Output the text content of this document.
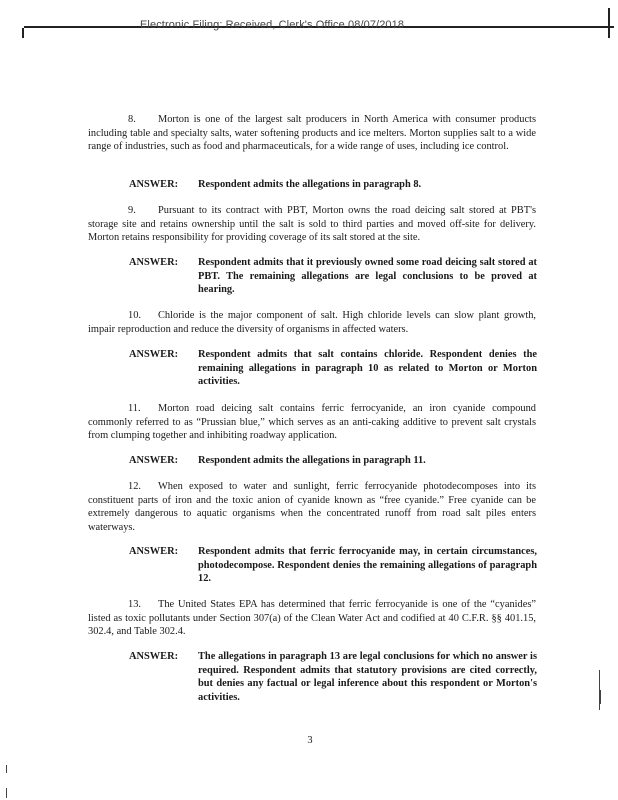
Electronic Filing: Received, Clerk's Office 08/07/2018
8. Morton is one of the largest salt producers in North America with consumer products including table and specialty salts, water softening products and ice melters. Morton supplies salt to a wide range of industries, such as food and pharmaceuticals, for a wide range of uses, including ice control.
ANSWER:	Respondent admits the allegations in paragraph 8.
9. Pursuant to its contract with PBT, Morton owns the road deicing salt stored at PBT's storage site and retains ownership until the salt is sold to third parties and moved off-site for delivery. Morton retains responsibility for providing coverage of its salt stored at the site.
ANSWER:	Respondent admits that it previously owned some road deicing salt stored at PBT. The remaining allegations are legal conclusions to be proved at hearing.
10. Chloride is the major component of salt. High chloride levels can slow plant growth, impair reproduction and reduce the diversity of organisms in affected waters.
ANSWER:	Respondent admits that salt contains chloride. Respondent denies the remaining allegations in paragraph 10 as related to Morton or Morton activities.
11. Morton road deicing salt contains ferric ferrocyanide, an iron cyanide compound commonly referred to as “Prussian blue,” which serves as an anti-caking additive to prevent salt crystals from clumping together and inhibiting roadway application.
ANSWER:	Respondent admits the allegations in paragraph 11.
12. When exposed to water and sunlight, ferric ferrocyanide photodecomposes into its constituent parts of iron and the toxic anion of cyanide known as “free cyanide.” Free cyanide can be extremely dangerous to aquatic organisms when the concentrated runoff from road salt piles enters waterways.
ANSWER:	Respondent admits that ferric ferrocyanide may, in certain circumstances, photodecompose. Respondent denies the remaining allegations of paragraph 12.
13. The United States EPA has determined that ferric ferrocyanide is one of the “cyanides” listed as toxic pollutants under Section 307(a) of the Clean Water Act and codified at 40 C.F.R. §§ 401.15, 302.4, and Table 302.4.
ANSWER:	The allegations in paragraph 13 are legal conclusions for which no answer is required. Respondent admits that statutory provisions are cited correctly, but denies any factual or legal inference about this respondent or Morton's activities.
3
